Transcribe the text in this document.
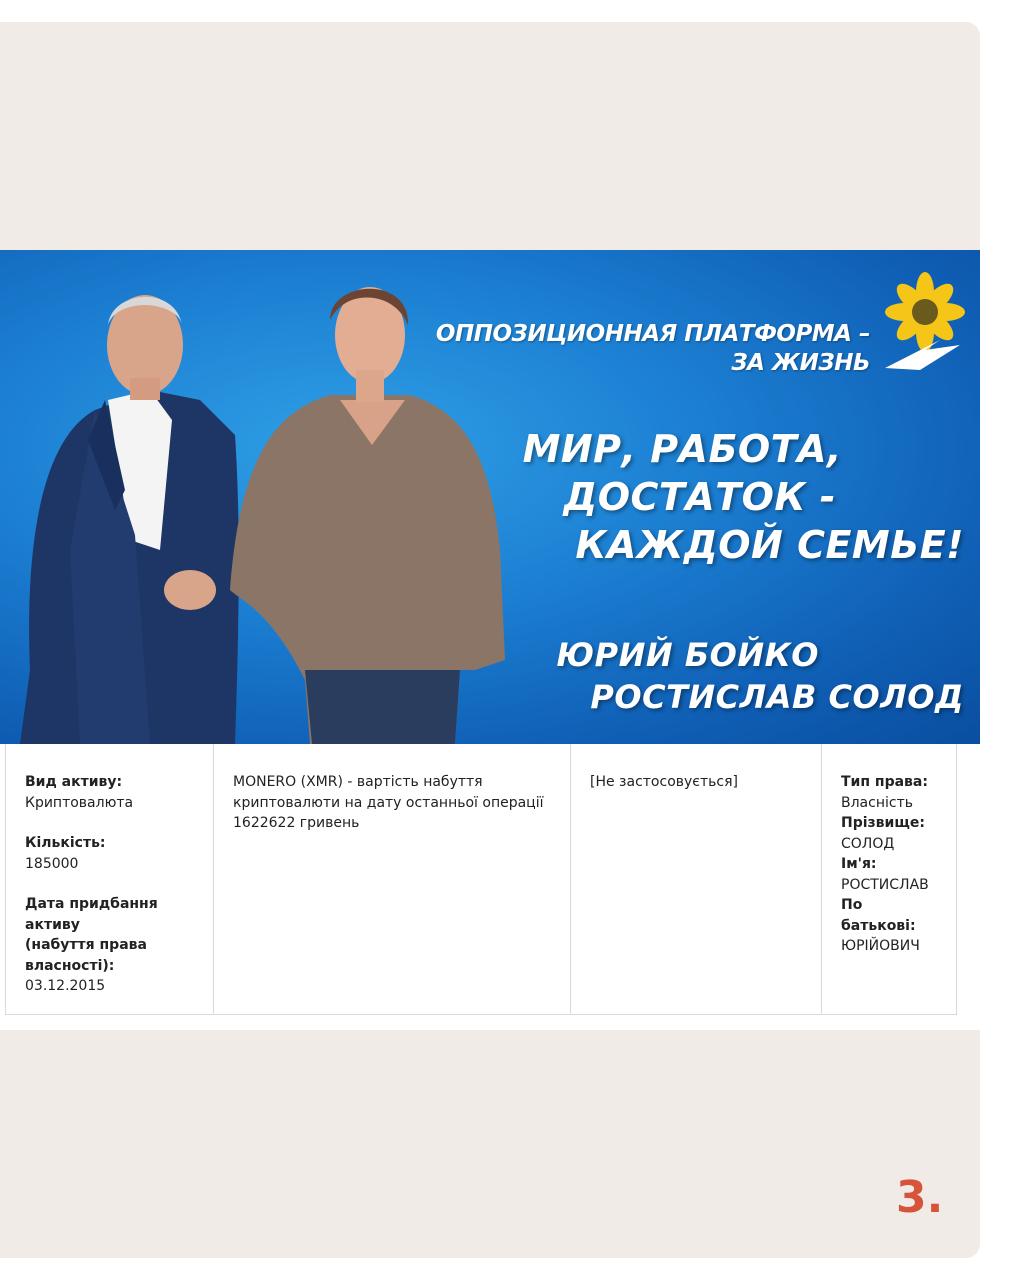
ОППОЗИЦИОННАЯ ПЛАТФОРМА –
ЗА ЖИЗНЬ
МИР, РАБОТА,
ДОСТАТОК -
КАЖДОЙ СЕМЬЕ!
ЮРИЙ БОЙКО
РОСТИСЛАВ СОЛОД
Вид активу:
Криптовалюта
Кількість:
185000
Дата придбання активу
(набуття права
власності):
03.12.2015
MONERO (XMR) - вартість набуття
криптовалюти на дату останньої операції
1622622 гривень
[Не застосовується]	Тип права:
Власність
Прізвище:
СОЛОД
Ім'я:
РОСТИСЛАВ
По батькові:
ЮРІЙОВИЧ
3.
